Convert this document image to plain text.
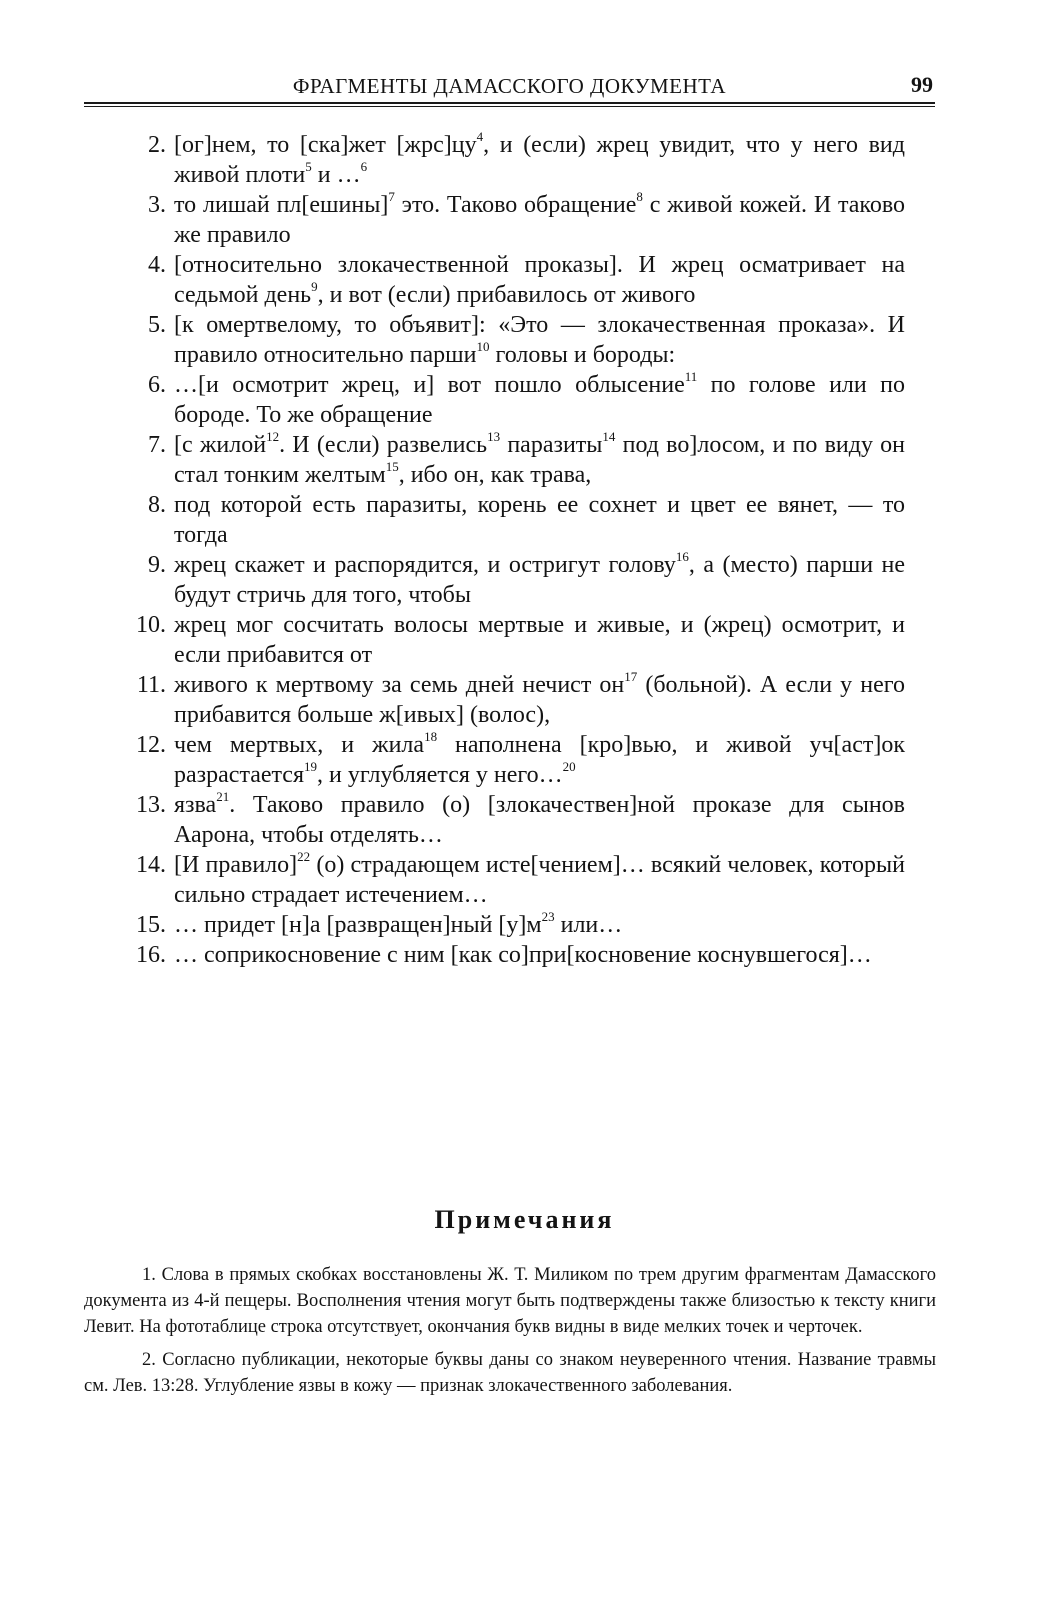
ФРАГМЕНТЫ ДАМАССКОГО ДОКУМЕНТА	99
2. [ог]нем, то [ска]жет $[жрс]цу^4$, и (если) жрец увидит, что у него вид живой плоти$^5$ и …$^6$
3. то лишай пл[ешины]$^7$ это. Таково обращение$^8$ с живой кожей. И таково же правило
4. [относительно злокачественной проказы]. И жрец осматривает на седьмой день$^9$, и вот (если) прибавилось от живого
5. [к омертвелому, то объявит]: «Это — злокачественная проказа». И правило относительно парши$^{10}$ головы и бороды:
6. …[и осмотрит жрец, и] вот пошло облысение$^{11}$ по голове или по бороде. То же обращение
7. [с жилой$^{12}$. И (если) развелись$^{13}$ паразиты$^{14}$ под во]лосом, и по виду он стал тонким желтым$^{15}$, ибо он, как трава,
8. под которой есть паразиты, корень ее сохнет и цвет ее вянет, — то тогда
9. жрец скажет и распорядится, и остригут голову$^{16}$, а (место) парши не будут стричь для того, чтобы
10. жрец мог сосчитать волосы мертвые и живые, и (жрец) осмотрит, и если прибавится от
11. живого к мертвому за семь дней нечист $он^{17}$ (больной). А если у него прибавится больше ж[ивых] (волос),
12. чем мертвых, и жила$^{18}$ наполнена [кро]вью, и живой уч[аст]ок разрастается$^{19}$, и углубляется у него…$^{20}$
13. язва$^{21}$. Таково правило (о) [злокачествен]ной проказе для сынов Аарона, чтобы отделять…
14. [И правило]$^{22}$ (о) страдающем исте[чением]… всякий человек, который сильно страдает истечением…
15. … придет [н]а [развращен]ный $[у]м^{23}$ или…
16. … соприкосновение с ним [как со]при[косновение коснувшегося]…
Примечания

1. Слова в прямых скобках восстановлены Ж. Т. Миликом по трем другим фрагментам Дамасского документа из 4-й пещеры. Восполнения чтения могут быть подтверждены также близостью к тексту книги Левит. На фототаблице строка отсутствует, окончания букв видны в виде мелких точек и черточек.

2. Согласно публикации, некоторые буквы даны со знаком неуверенного чтения. Название травмы см. Лев. 13:28. Углубление язвы в кожу — признак злокачественного заболевания.
